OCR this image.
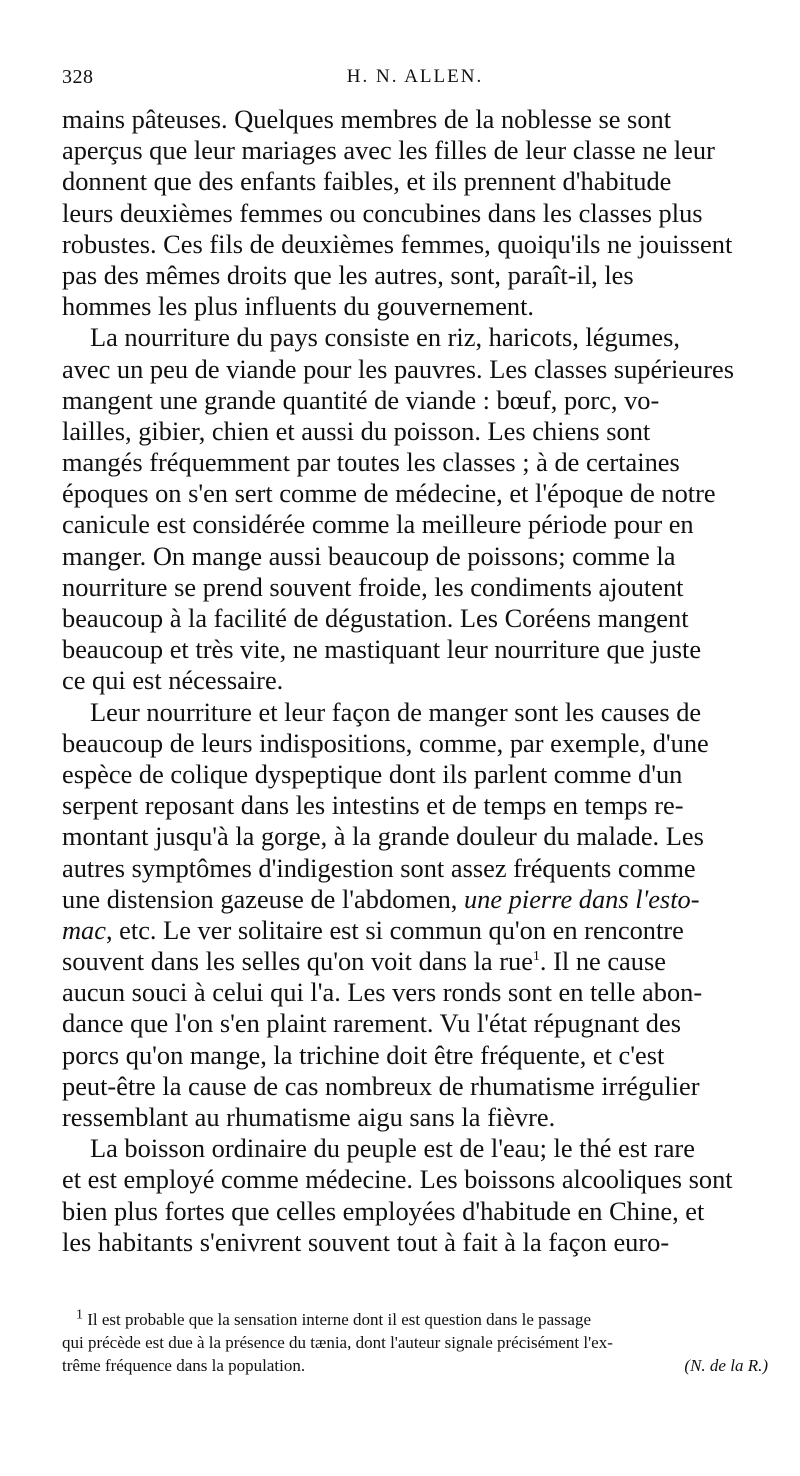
328	H. N. ALLEN.

mains pâteuses. Quelques membres de la noblesse se sont
aperçus que leur mariages avec les filles de leur classe ne leur
donnent que des enfants faibles, et ils prennent d'habitude
leurs deuxièmes femmes ou concubines dans les classes plus
robustes. Ces fils de deuxièmes femmes, quoiqu'ils ne jouissent
pas des mêmes droits que les autres, sont, paraît-il, les
hommes les plus influents du gouvernement.

La nourriture du pays consiste en riz, haricots, légumes,
avec un peu de viande pour les pauvres. Les classes supérieures
mangent une grande quantité de viande : bœuf, porc, vo-
lailles, gibier, chien et aussi du poisson. Les chiens sont
mangés fréquemment par toutes les classes ; à de certaines
époques on s'en sert comme de médecine, et l'époque de notre
canicule est considérée comme la meilleure période pour en
manger. On mange aussi beaucoup de poissons; comme la
nourriture se prend souvent froide, les condiments ajoutent
beaucoup à la facilité de dégustation. Les Coréens mangent
beaucoup et très vite, ne mastiquant leur nourriture que juste
ce qui est nécessaire.

Leur nourriture et leur façon de manger sont les causes de
beaucoup de leurs indispositions, comme, par exemple, d'une
espèce de colique dyspeptique dont ils parlent comme d'un
serpent reposant dans les intestins et de temps en temps re-
montant jusqu'à la gorge, à la grande douleur du malade. Les
autres symptômes d'indigestion sont assez fréquents comme
une distension gazeuse de l'abdomen, une pierre dans l'esto-
mac, etc. Le ver solitaire est si commun qu'on en rencontre
souvent dans les selles qu'on voit dans la rue$^1$. Il ne cause
aucun souci à celui qui l'a. Les vers ronds sont en telle abon-
dance que l'on s'en plaint rarement. Vu l'état répugnant des
porcs qu'on mange, la trichine doit être fréquente, et c'est
peut-être la cause de cas nombreux de rhumatisme irrégulier
ressemblant au rhumatisme aigu sans la fièvre.

La boisson ordinaire du peuple est de l'eau; le thé est rare
et est employé comme médecine. Les boissons alcooliques sont
bien plus fortes que celles employées d'habitude en Chine, et
les habitants s'enivrent souvent tout à fait à la façon euro-

$^1$ Il est probable que la sensation interne dont il est question dans le passage
qui précède est due à la présence du tænia, dont l'auteur signale précisément l'ex-
trême fréquence dans la population.	(N. de la R.)
